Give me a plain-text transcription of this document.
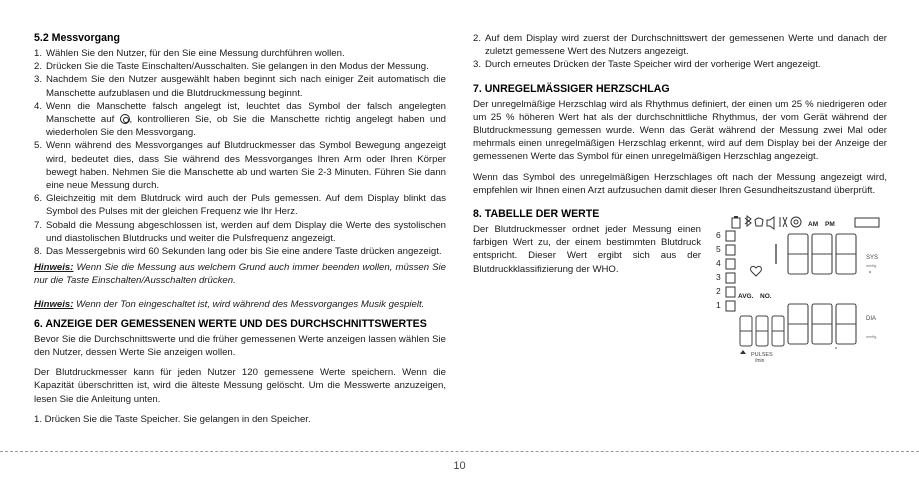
5.2 Messvorgang
1. Wählen Sie den Nutzer, für den Sie eine Messung durchführen wollen.
2. Drücken Sie die Taste Einschalten/Ausschalten. Sie gelangen in den Modus der Messung.
3. Nachdem Sie den Nutzer ausgewählt haben beginnt sich nach einiger Zeit automatisch die Manschette aufzublasen und die Blutdruckmessung beginnt.
4. Wenn die Manschette falsch angelegt ist, leuchtet das Symbol der falsch angelegten Manschette auf , kontrollieren Sie, ob Sie die Manschette richtig angelegt haben und wiederholen Sie den Messvorgang.
5. Wenn während des Messvorganges auf Blutdruckmesser das Symbol Bewegung angezeigt wird, bedeutet dies, dass Sie während des Messvorganges Ihren Arm oder Ihren Körper bewegt haben. Nehmen Sie die Manschette ab und warten Sie 2-3 Minuten. Führen Sie dann eine neue Messung durch.
6. Gleichzeitig mit dem Blutdruck wird auch der Puls gemessen. Auf dem Display blinkt das Symbol des Pulses mit der gleichen Frequenz wie Ihr Herz.
7. Sobald die Messung abgeschlossen ist, werden auf dem Display die Werte des systolischen und diastolischen Blutdrucks und weiter die Pulsfrequenz angezeigt.
8. Das Messergebnis wird 60 Sekunden lang oder bis Sie eine andere Taste drücken angezeigt.

Hinweis: Wenn Sie die Messung aus welchem Grund auch immer beenden wollen, müssen Sie nur die Taste Einschalten/Ausschalten drücken.

Hinweis: Wenn der Ton eingeschaltet ist, wird während des Messvorganges Musik gespielt.

6. ANZEIGE DER GEMESSENEN WERTE UND DES DURCHSCHNITTSWERTES

Bevor Sie die Durchschnittswerte und die früher gemessenen Werte anzeigen lassen wählen Sie den Nutzer, dessen Werte Sie anzeigen wollen.

Der Blutdruckmesser kann für jeden Nutzer 120 gemessene Werte speichern. Wenn die Kapazität überschritten ist, wird die älteste Messung gelöscht. Um die Messwerte anzuzeigen, lesen Sie die Anleitung unten.

1. Drücken Sie die Taste Speicher. Sie gelangen in den Speicher.

2. Auf dem Display wird zuerst der Durchschnittswert der gemessenen Werte und danach der zuletzt gemessene Wert des Nutzers angezeigt.
3. Durch erneutes Drücken der Taste Speicher wird der vorherige Wert angezeigt.
7. UNREGELMÄSSIGER HERZSCHLAG

Der unregelmäßige Herzschlag wird als Rhythmus definiert, der einen um 25 % niedrigeren oder um 25 % höheren Wert hat als der durchschnittliche Rhythmus, der vom Gerät während der Blutdruckmessung gemessen wurde. Wenn das Gerät während der Messung zwei Mal oder mehrmals einen unregelmäßigen Herzschlag erkennt, wird auf dem Display bei der Anzeige der gemessenen Werte das Symbol für einen unregelmäßigen Herzschlag angezeigt.

Wenn das Symbol des unregelmäßigen Herzschlages oft nach der Messung angezeigt wird, empfehlen wir Ihnen einen Arzt aufzusuchen damit dieser Ihren Gesundheitszustand überprüft.

8. TABELLE DER WERTE

Der Blutdruckmesser ordnet jeder Messung einen farbigen Wert zu, der einem bestimmten Blutdruck entspricht. Dieser Wert ergibt sich aus der Blutdruckklassifizierung der WHO.

AM PM
6
5
4
3
2
1
SYS
mmHg
AVG. NO.
DIA
mmHg
PULSES
/min
10
